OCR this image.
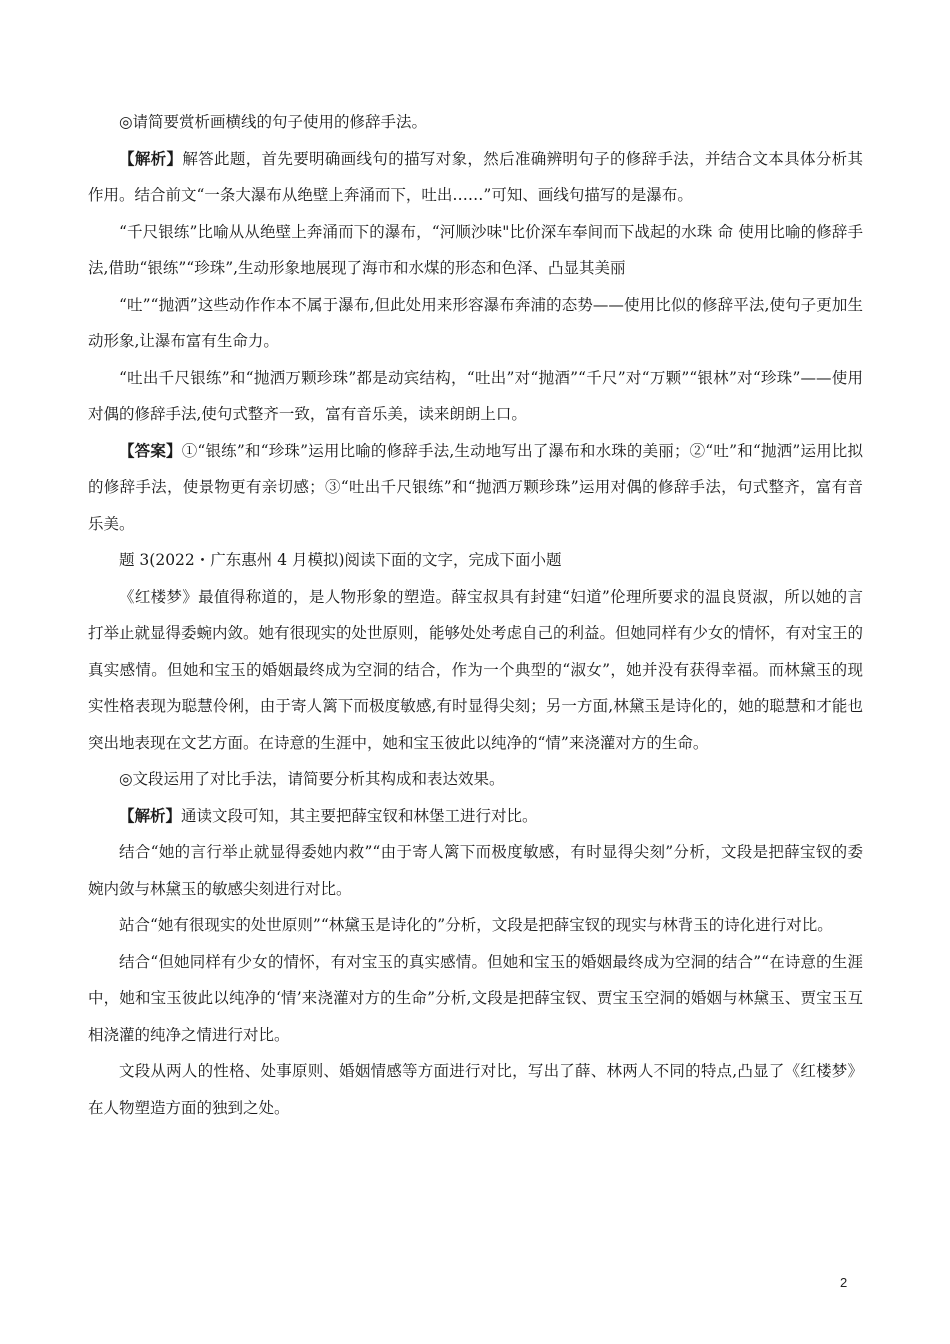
◎请简要赏析画横线的句子使用的修辞手法。

【解析】解答此题，首先要明确画线句的描写对象，然后准确辨明句子的修辞手法，并结合文本具体分析其作用。结合前文“一条大瀑布从绝壁上奔涌而下，吐出……”可知、画线句描写的是瀑布。

“千尺银练”比喻从从绝壁上奔涌而下的瀑布，“河顺沙味"比价深车奉间而下战起的水珠 命 使用比喻的修辞手法,借助“银练”“珍珠”,生动形象地展现了海市和水煤的形态和色泽、凸显其美丽

“吐”“抛洒”这些动作作本不属于瀑布,但此处用来形容瀑布奔浦的态势——使用比似的修辞平法,使句子更加生动形象,让瀑布富有生命力。

“吐出千尺银练”和“抛洒万颗珍珠”都是动宾结构，“吐出”对“抛酒”“千尺”对“万颗”“银林”对“珍珠”——使用对偶的修辞手法,使句式整齐一致，富有音乐美，读来朗朗上口。

【答案】①“银练”和“珍珠”运用比喻的修辞手法,生动地写出了瀑布和水珠的美丽；②“吐”和“抛洒”运用比拟的修辞手法，使景物更有亲切感；③“吐出千尺银练”和“抛洒万颗珍珠”运用对偶的修辞手法，句式整齐，富有音乐美。

题 3(2022・广东惠州 4 月模拟)阅读下面的文字，完成下面小题

《红楼梦》最值得称道的，是人物形象的塑造。薛宝叔具有封建“妇道”伦理所要求的温良贤淑，所以她的言打举止就显得委蜿内敛。她有很现实的处世原则，能够处处考虑自己的利益。但她同样有少女的情怀，有对宝王的真实感情。但她和宝玉的婚姻最终成为空洞的结合，作为一个典型的“淑女”，她并没有获得幸福。而林黛玉的现实性格表现为聪慧伶俐，由于寄人篱下而极度敏感,有时显得尖刻；另一方面,林黛玉是诗化的，她的聪慧和才能也突出地表现在文艺方面。在诗意的生涯中，她和宝玉彼此以纯净的“情”来浇灌对方的生命。

◎文段运用了对比手法，请简要分析其构成和表达效果。

【解析】通读文段可知，其主要把薛宝钗和林堡工进行对比。

结合“她的言行举止就显得委她内救”“由于寄人篱下而极度敏感，有时显得尖刻”分析，文段是把薛宝钗的委婉内敛与林黛玉的敏感尖刻进行对比。

站合“她有很现实的处世原则”“林黛玉是诗化的”分析，文段是把薛宝钗的现实与林背玉的诗化进行对比。

结合“但她同样有少女的情怀，有对宝玉的真实感情。但她和宝玉的婚姻最终成为空洞的结合”“在诗意的生涯中，她和宝玉彼此以纯净的‘情’来浇灌对方的生命”分析,文段是把薛宝钗、贾宝玉空洞的婚姻与林黛玉、贾宝玉互相浇灌的纯净之情进行对比。

文段从两人的性格、处事原则、婚姻情感等方面进行对比，写出了薛、林两人不同的特点,凸显了《红楼梦》在人物塑造方面的独到之处。

2
